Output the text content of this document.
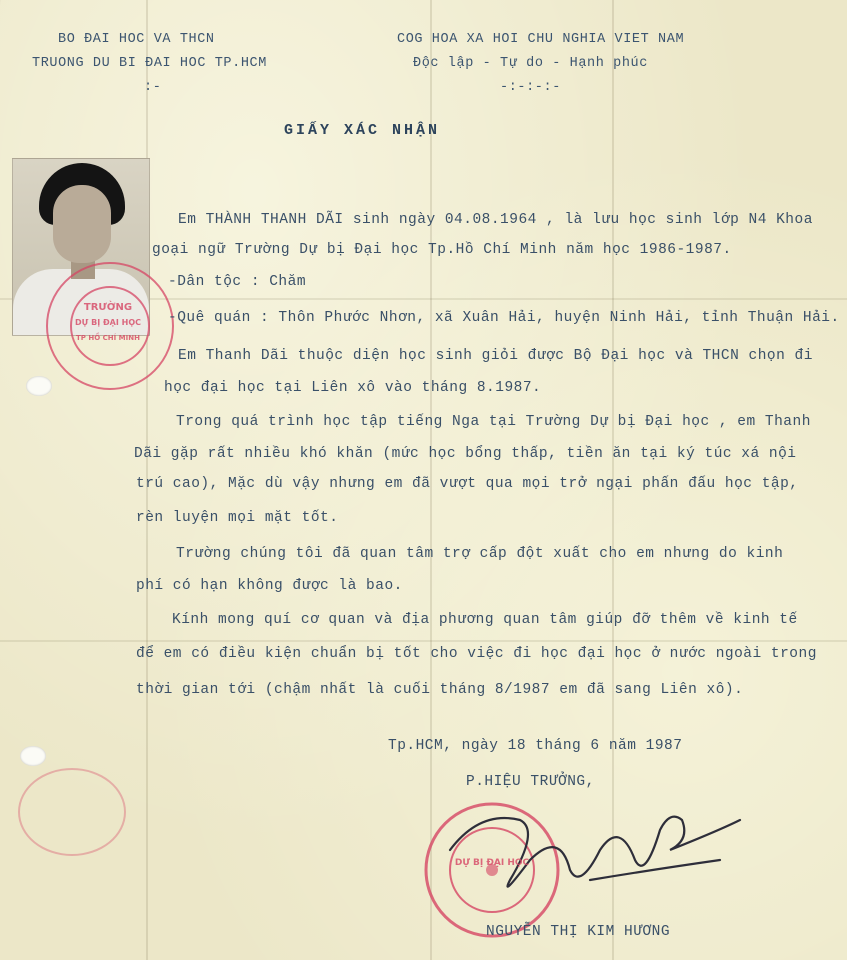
BO ĐAI HOC VA THCN
TRUONG DU BI ĐAI HOC TP.HCM
:-
COG HOA XA HOI CHU NGHIA VIET NAM
Độc lập - Tự do - Hạnh phúc
-:-:-:-
GIẤY XÁC NHẬN
TRƯỜNG
DỰ BỊ ĐẠI HỌC
TP HỒ CHÍ MINH
Em THÀNH THANH DÃI sinh ngày 04.08.1964 , là lưu học sinh lớp N4 Khoa
goại ngữ Trường Dự bị Đại học Tp.Hồ Chí Minh năm học 1986-1987.
-Dân tộc : Chăm
-Quê quán : Thôn Phước Nhơn, xã Xuân Hải, huyện Ninh Hải, tỉnh Thuận Hải.
Em Thanh Dãi thuộc diện học sinh giỏi được Bộ Đại học và THCN chọn đi
học đại học tại Liên xô vào tháng 8.1987.
Trong quá trình học tập tiếng Nga tại Trường Dự bị Đại học , em Thanh
Dãi gặp rất nhiều khó khăn (mức học bổng thấp, tiền ăn tại ký túc xá nội
trú cao), Mặc dù vậy nhưng em đã vượt qua mọi trở ngại phấn đấu học tập,
rèn luyện mọi mặt tốt.
Trường chúng tôi đã quan tâm trợ cấp đột xuất cho em nhưng do kinh
phí có hạn không được là bao.
Kính mong quí cơ quan và địa phương quan tâm giúp đỡ thêm về kinh tế
để em có điều kiện chuẩn bị tốt cho việc đi học đại học ở nước ngoài trong
thời gian tới (chậm nhất là cuối tháng 8/1987 em đã sang Liên xô).
Tp.HCM, ngày 18 tháng 6 năm 1987
P.HIỆU TRƯỞNG,
DỰ BỊ ĐẠI HỌC
NGUYỄN THỊ KIM HƯƠNG
